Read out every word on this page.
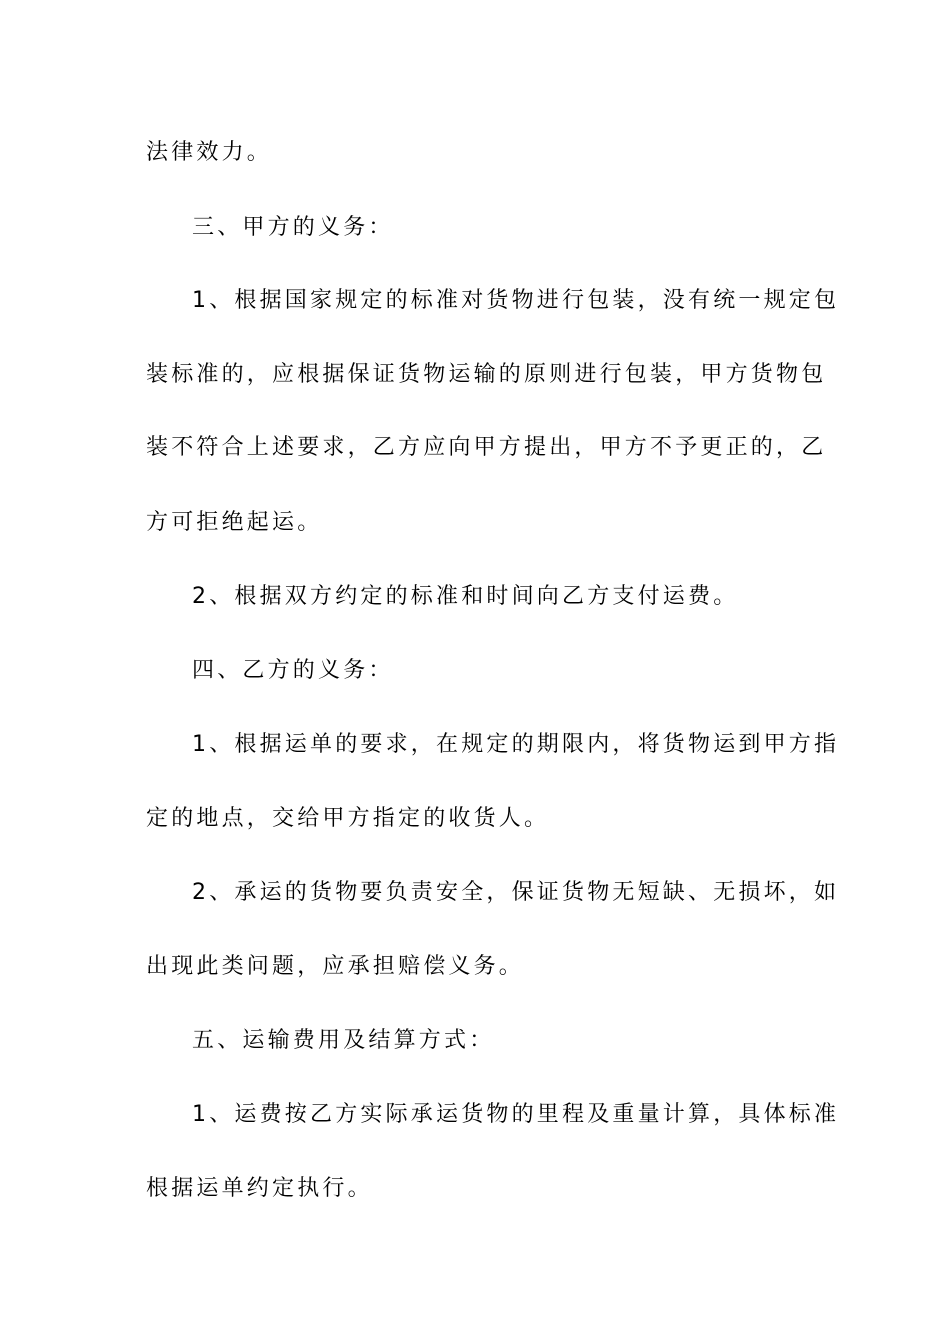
法律效力。
三、甲方的义务：
1、根据国家规定的标准对货物进行包装，没有统一规定包
装标准的，应根据保证货物运输的原则进行包装，甲方货物包
装不符合上述要求，乙方应向甲方提出，甲方不予更正的，乙
方可拒绝起运。
2、根据双方约定的标准和时间向乙方支付运费。
四、乙方的义务：
1、根据运单的要求，在规定的期限内，将货物运到甲方指
定的地点，交给甲方指定的收货人。
2、承运的货物要负责安全，保证货物无短缺、无损坏，如
出现此类问题，应承担赔偿义务。
五、运输费用及结算方式：
1、运费按乙方实际承运货物的里程及重量计算，具体标准
根据运单约定执行。
